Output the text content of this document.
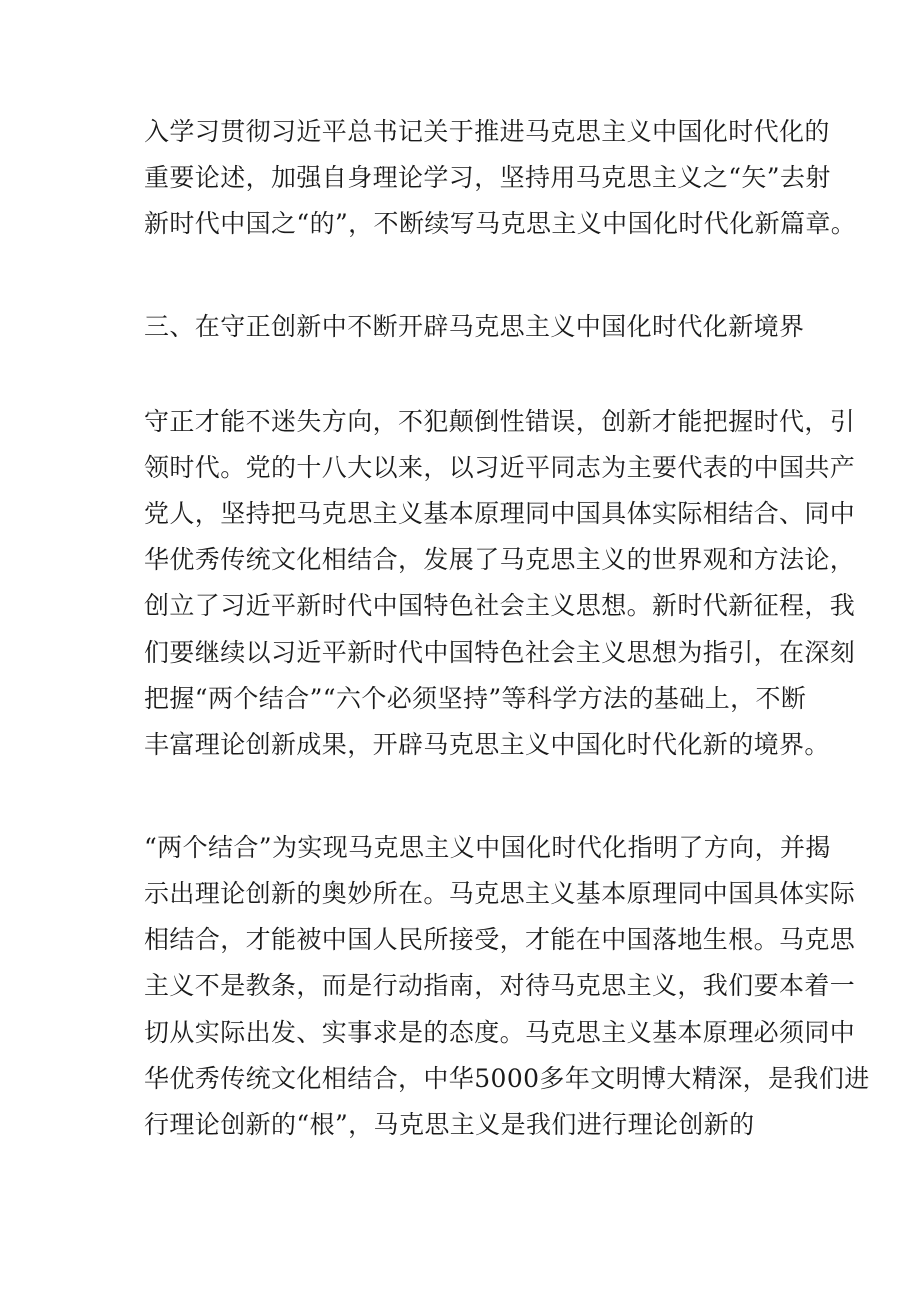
入学习贯彻习近平总书记关于推进马克思主义中国化时代化的
重要论述，加强自身理论学习，坚持用马克思主义之“矢”去射
新时代中国之“的”，不断续写马克思主义中国化时代化新篇章。
三、在守正创新中不断开辟马克思主义中国化时代化新境界
守正才能不迷失方向，不犯颠倒性错误，创新才能把握时代，引
领时代。党的十八大以来，以习近平同志为主要代表的中国共产
党人，坚持把马克思主义基本原理同中国具体实际相结合、同中
华优秀传统文化相结合，发展了马克思主义的世界观和方法论，
创立了习近平新时代中国特色社会主义思想。新时代新征程，我
们要继续以习近平新时代中国特色社会主义思想为指引，在深刻
把握“两个结合”“六个必须坚持”等科学方法的基础上，不断
丰富理论创新成果，开辟马克思主义中国化时代化新的境界。
“两个结合”为实现马克思主义中国化时代化指明了方向，并揭
示出理论创新的奥妙所在。马克思主义基本原理同中国具体实际
相结合，才能被中国人民所接受，才能在中国落地生根。马克思
主义不是教条，而是行动指南，对待马克思主义，我们要本着一
切从实际出发、实事求是的态度。马克思主义基本原理必须同中
华优秀传统文化相结合，中华5000多年文明博大精深，是我们进
行理论创新的“根”，马克思主义是我们进行理论创新的
